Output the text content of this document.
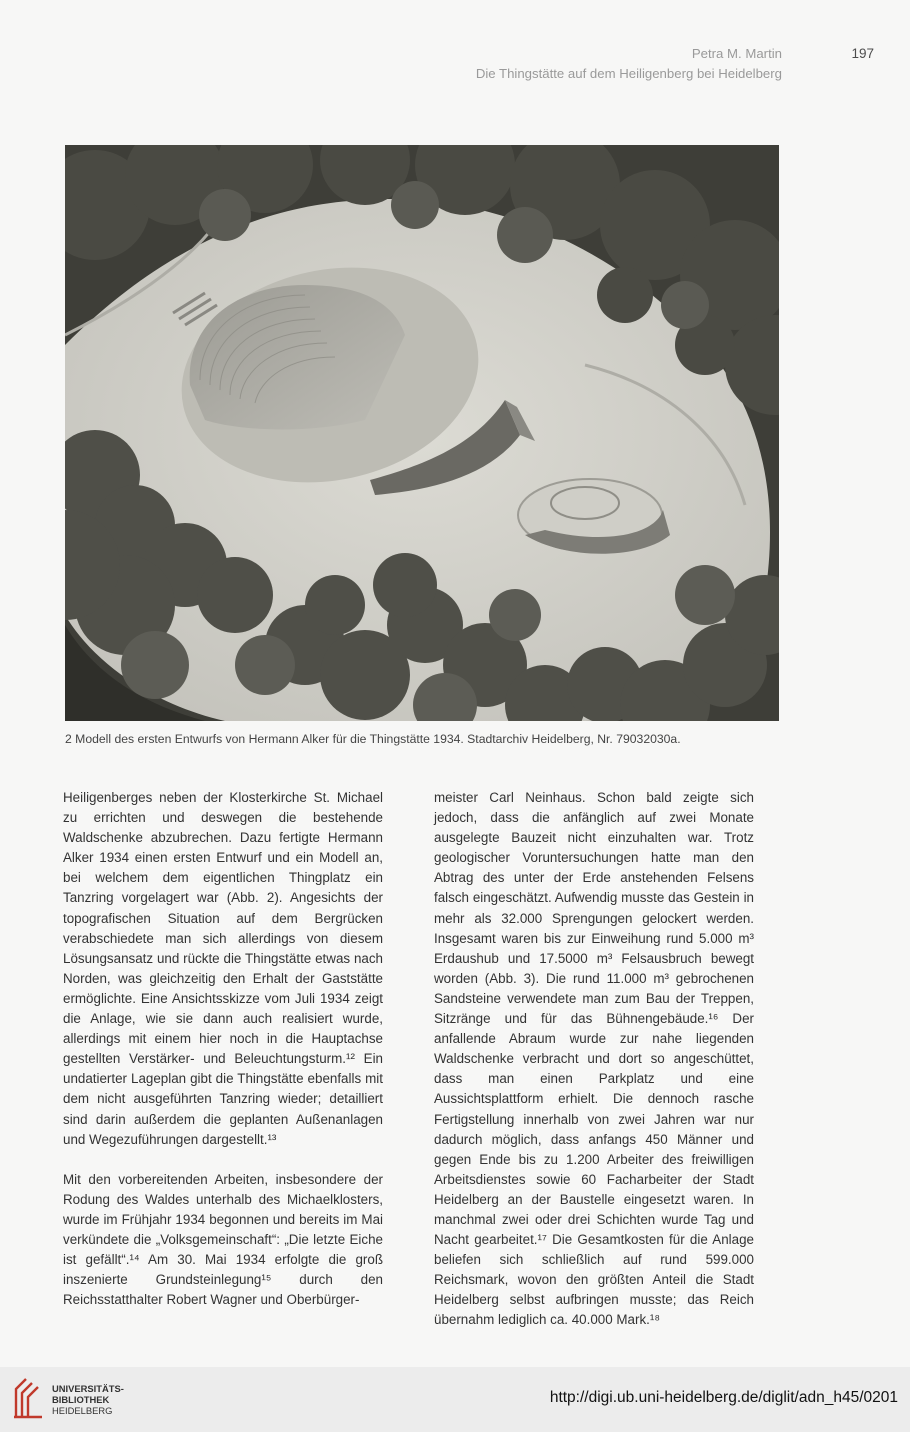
Petra M. Martin
Die Thingstätte auf dem Heiligenberg bei Heidelberg
197
2 Modell des ersten Entwurfs von Hermann Alker für die Thingstätte 1934. Stadtarchiv Heidelberg, Nr. 79032030a.

Heiligenberges neben der Klosterkirche St. Michael zu errichten und deswegen die bestehende Waldschenke abzubrechen. Dazu fertigte Hermann Alker 1934 einen ersten Entwurf und ein Modell an, bei welchem dem eigentlichen Thingplatz ein Tanzring vorgelagert war (Abb. 2). Angesichts der topografischen Situation auf dem Bergrücken verabschiedete man sich allerdings von diesem Lösungsansatz und rückte die Thingstätte etwas nach Norden, was gleichzeitig den Erhalt der Gaststätte ermöglichte. Eine Ansichtsskizze vom Juli 1934 zeigt die Anlage, wie sie dann auch realisiert wurde, allerdings mit einem hier noch in die Hauptachse gestellten Verstärker- und Beleuchtungsturm.¹² Ein undatierter Lageplan gibt die Thingstätte ebenfalls mit dem nicht ausgeführten Tanzring wieder; detailliert sind darin außerdem die geplanten Außenanlagen und Wegezuführungen dargestellt.¹³

Mit den vorbereitenden Arbeiten, insbesondere der Rodung des Waldes unterhalb des Michaelklosters, wurde im Frühjahr 1934 begonnen und bereits im Mai verkündete die „Volksgemeinschaft“: „Die letzte Eiche ist gefällt“.¹⁴ Am 30. Mai 1934 erfolgte die groß inszenierte Grundsteinlegung¹⁵ durch den Reichsstatthalter Robert Wagner und Oberbürger-

meister Carl Neinhaus. Schon bald zeigte sich jedoch, dass die anfänglich auf zwei Monate ausgelegte Bauzeit nicht einzuhalten war. Trotz geologischer Voruntersuchungen hatte man den Abtrag des unter der Erde anstehenden Felsens falsch eingeschätzt. Aufwendig musste das Gestein in mehr als 32.000 Sprengungen gelockert werden. Insgesamt waren bis zur Einweihung rund 5.000 m³ Erdaushub und 17.5000 m³ Felsausbruch bewegt worden (Abb. 3). Die rund 11.000 m³ gebrochenen Sandsteine verwendete man zum Bau der Treppen, Sitzränge und für das Bühnengebäude.¹⁶ Der anfallende Abraum wurde zur nahe liegenden Waldschenke verbracht und dort so angeschüttet, dass man einen Parkplatz und eine Aussichtsplattform erhielt. Die dennoch rasche Fertigstellung innerhalb von zwei Jahren war nur dadurch möglich, dass anfangs 450 Männer und gegen Ende bis zu 1.200 Arbeiter des freiwilligen Arbeitsdienstes sowie 60 Facharbeiter der Stadt Heidelberg an der Baustelle eingesetzt waren. In manchmal zwei oder drei Schichten wurde Tag und Nacht gearbeitet.¹⁷ Die Gesamtkosten für die Anlage beliefen sich schließlich auf rund 599.000 Reichsmark, wovon den größten Anteil die Stadt Heidelberg selbst aufbringen musste; das Reich übernahm lediglich ca. 40.000 Mark.¹⁸

UNIVERSITÄTS-
BIBLIOTHEK
HEIDELBERG
http://digi.ub.uni-heidelberg.de/diglit/adn_h45/0201
